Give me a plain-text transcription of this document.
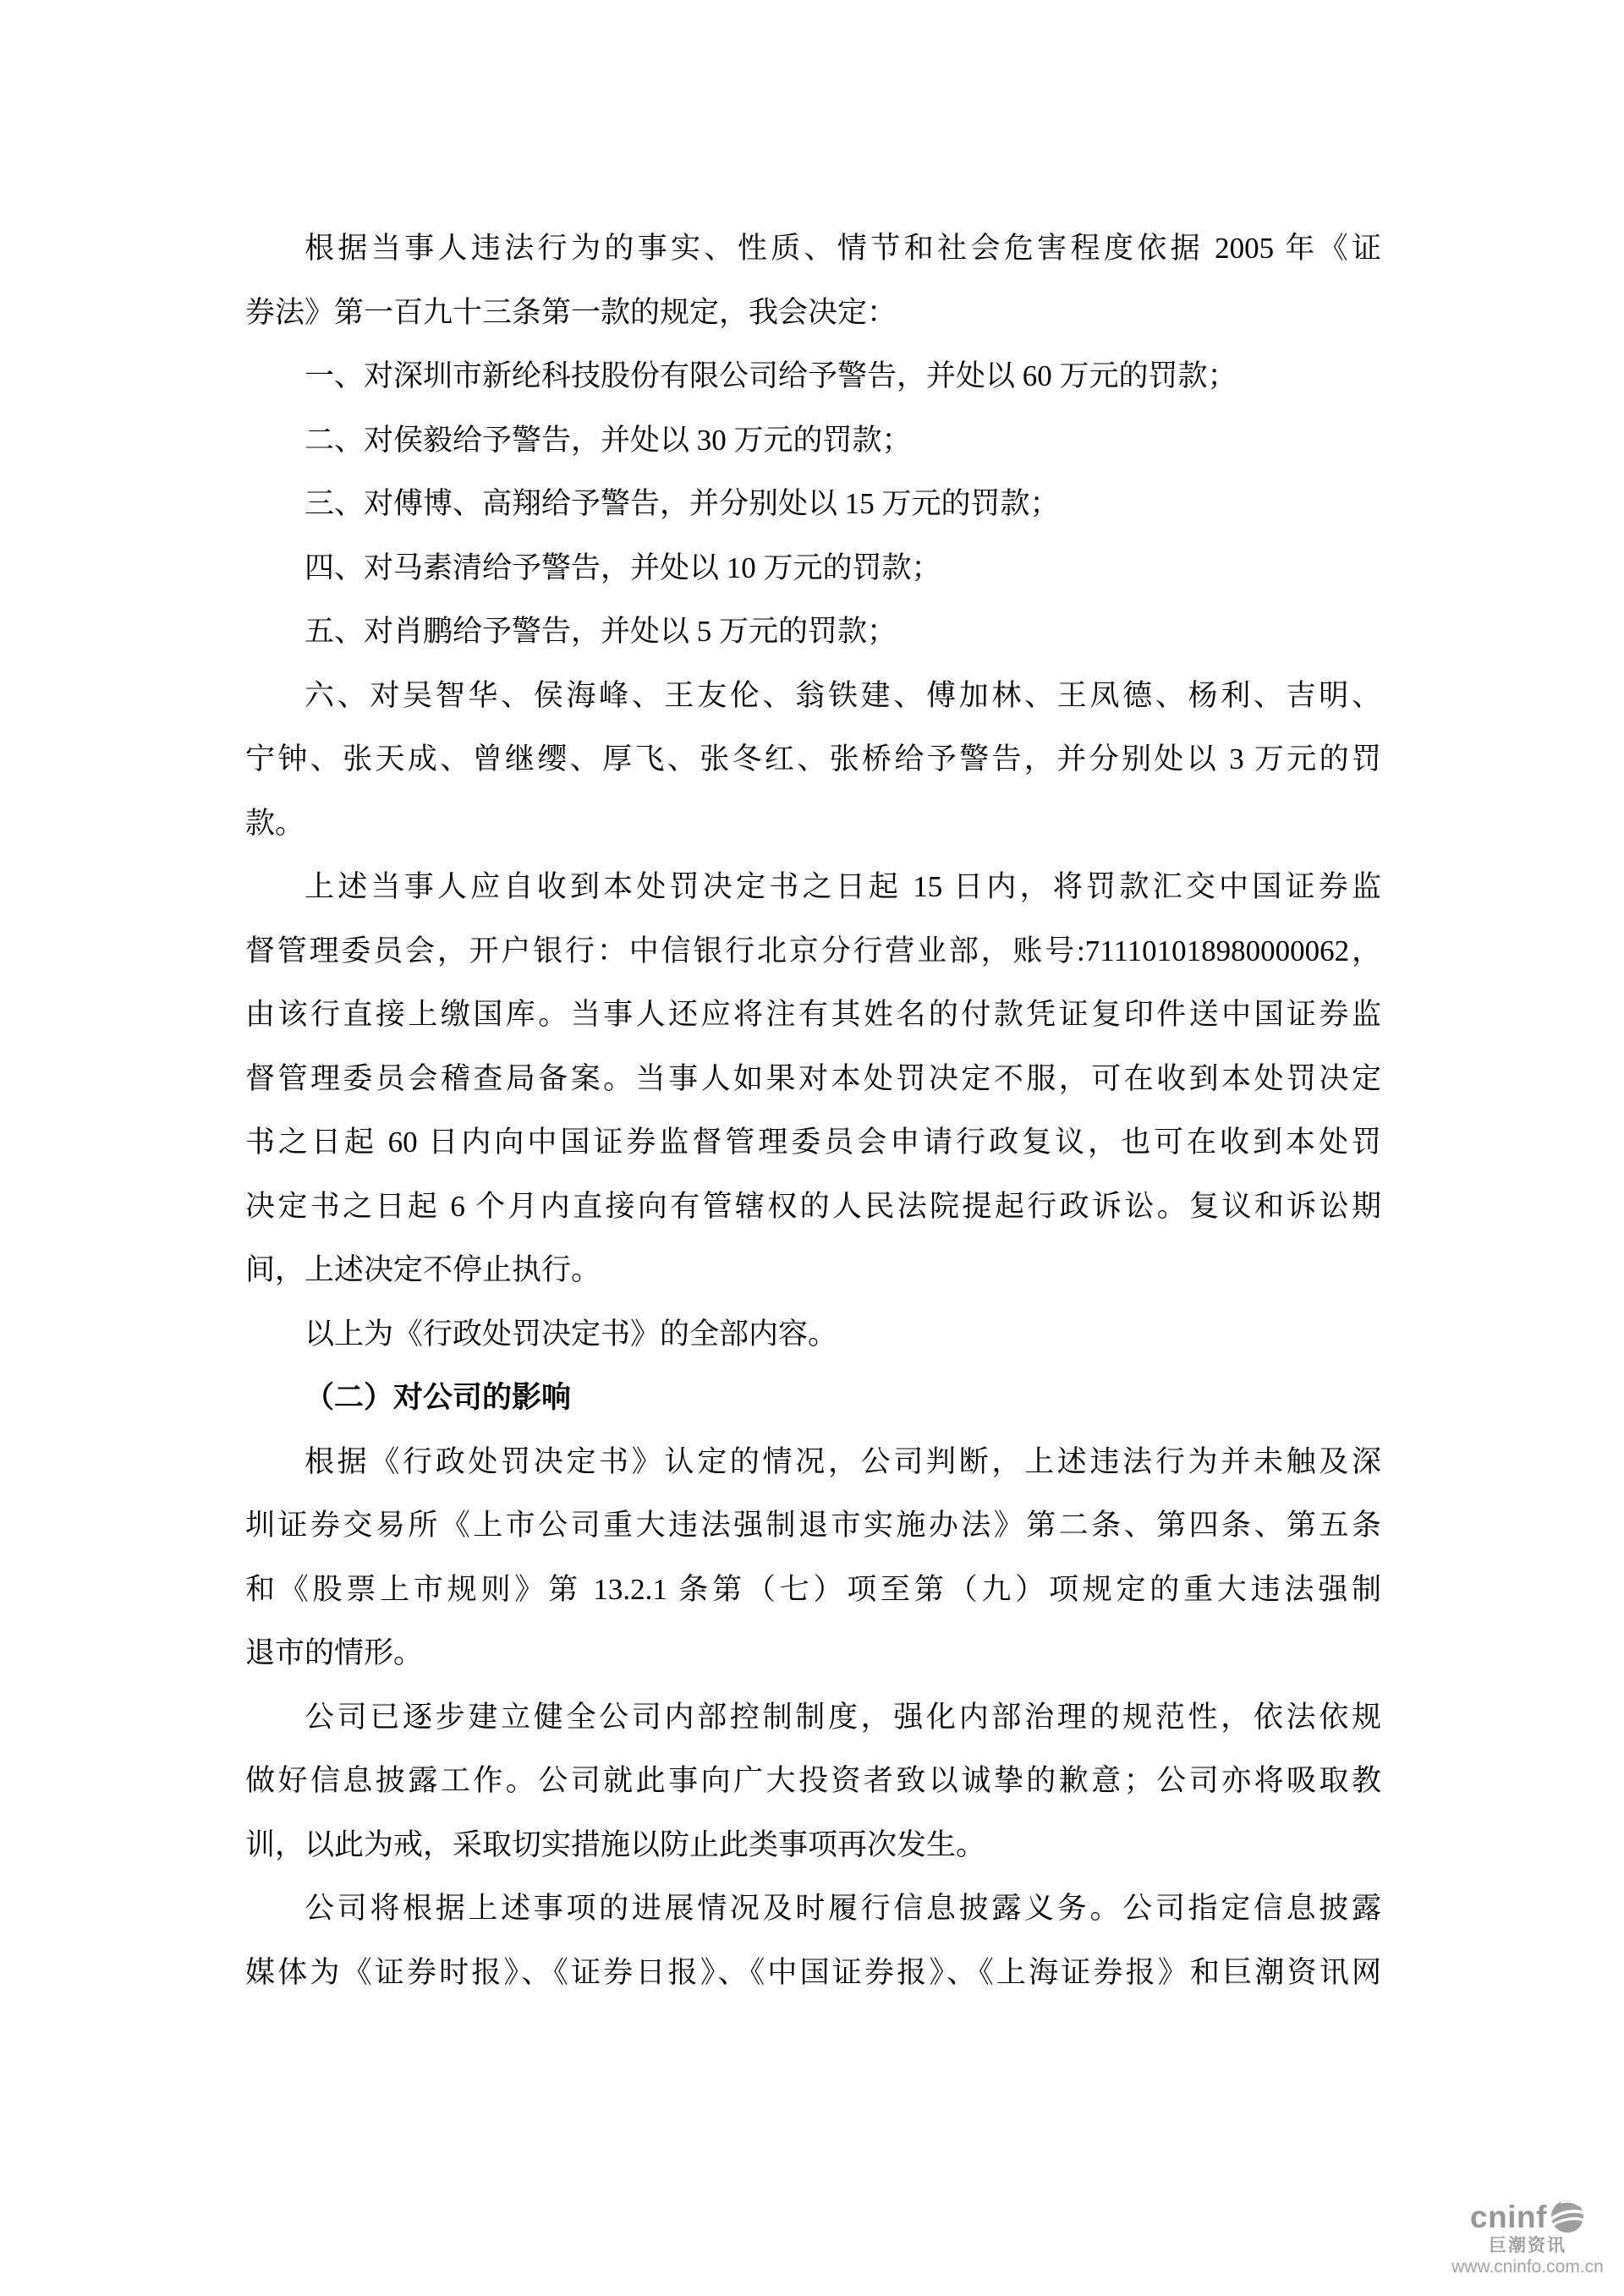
根据当事人违法行为的事实、性质、情节和社会危害程度依据 2005 年《证
券法》第一百九十三条第一款的规定，我会决定：
一、对深圳市新纶科技股份有限公司给予警告，并处以 60 万元的罚款；
二、对侯毅给予警告，并处以 30 万元的罚款；
三、对傅博、高翔给予警告，并分别处以 15 万元的罚款；
四、对马素清给予警告，并处以 10 万元的罚款；
五、对肖鹏给予警告，并处以 5 万元的罚款；
六、对吴智华、侯海峰、王友伦、翁铁建、傅加林、王凤德、杨利、吉明、
宁钟、张天成、曾继缨、厚飞、张冬红、张桥给予警告，并分别处以 3 万元的罚
款。
上述当事人应自收到本处罚决定书之日起 15 日内，将罚款汇交中国证券监
督管理委员会，开户银行：中信银行北京分行营业部，账号:711101018980000062，
由该行直接上缴国库。当事人还应将注有其姓名的付款凭证复印件送中国证券监
督管理委员会稽查局备案。当事人如果对本处罚决定不服，可在收到本处罚决定
书之日起 60 日内向中国证券监督管理委员会申请行政复议，也可在收到本处罚
决定书之日起 6 个月内直接向有管辖权的人民法院提起行政诉讼。复议和诉讼期
间，上述决定不停止执行。
以上为《行政处罚决定书》的全部内容。
（二）对公司的影响
根据《行政处罚决定书》认定的情况，公司判断，上述违法行为并未触及深
圳证券交易所《上市公司重大违法强制退市实施办法》第二条、第四条、第五条
和《股票上市规则》第 13.2.1 条第（七）项至第（九）项规定的重大违法强制
退市的情形。
公司已逐步建立健全公司内部控制制度，强化内部治理的规范性，依法依规
做好信息披露工作。公司就此事向广大投资者致以诚挚的歉意；公司亦将吸取教
训，以此为戒，采取切实措施以防止此类事项再次发生。
公司将根据上述事项的进展情况及时履行信息披露义务。公司指定信息披露
媒体为《证券时报》、《证券日报》、《中国证券报》、《上海证券报》和巨潮资讯网
cninf
巨潮资讯
www.cninfo.com.cn
